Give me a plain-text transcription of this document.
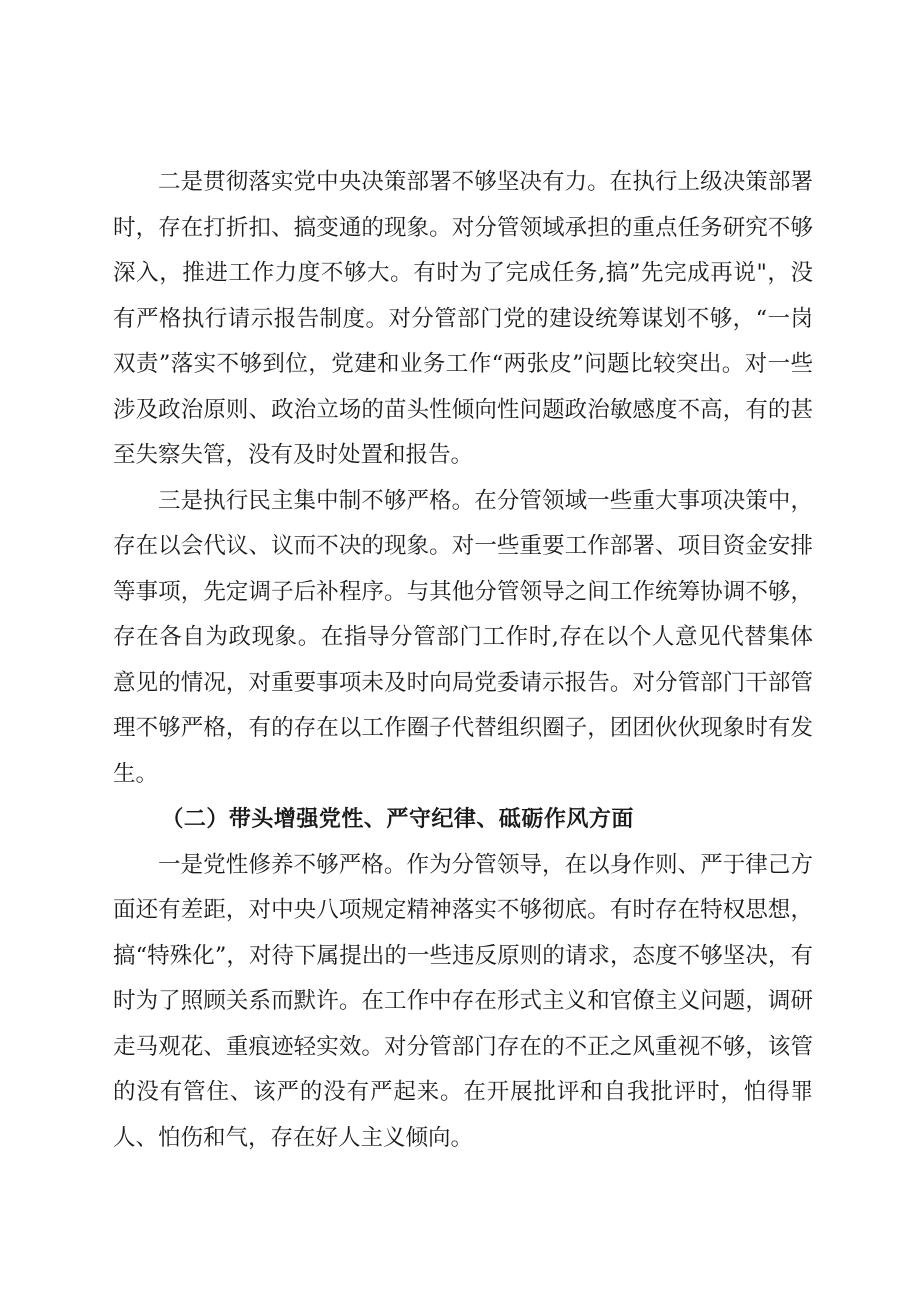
二是贯彻落实党中央决策部署不够坚决有力。在执行上级决策部署时，存在打折扣、搞变通的现象。对分管领域承担的重点任务研究不够深入，推进工作力度不够大。有时为了完成任务,搞”先完成再说"，没有严格执行请示报告制度。对分管部门党的建设统筹谋划不够，“一岗双责”落实不够到位，党建和业务工作“两张皮”问题比较突出。对一些涉及政治原则、政治立场的苗头性倾向性问题政治敏感度不高，有的甚至失察失管，没有及时处置和报告。

三是执行民主集中制不够严格。在分管领域一些重大事项决策中，存在以会代议、议而不决的现象。对一些重要工作部署、项目资金安排等事项，先定调子后补程序。与其他分管领导之间工作统筹协调不够，存在各自为政现象。在指导分管部门工作时,存在以个人意见代替集体意见的情况，对重要事项未及时向局党委请示报告。对分管部门干部管理不够严格，有的存在以工作圈子代替组织圈子，团团伙伙现象时有发生。

（二）带头增强党性、严守纪律、砥砺作风方面

一是党性修养不够严格。作为分管领导，在以身作则、严于律己方面还有差距，对中央八项规定精神落实不够彻底。有时存在特权思想，搞“特殊化”，对待下属提出的一些违反原则的请求，态度不够坚决，有时为了照顾关系而默许。在工作中存在形式主义和官僚主义问题，调研走马观花、重痕迹轻实效。对分管部门存在的不正之风重视不够，该管的没有管住、该严的没有严起来。在开展批评和自我批评时，怕得罪人、怕伤和气，存在好人主义倾向。
